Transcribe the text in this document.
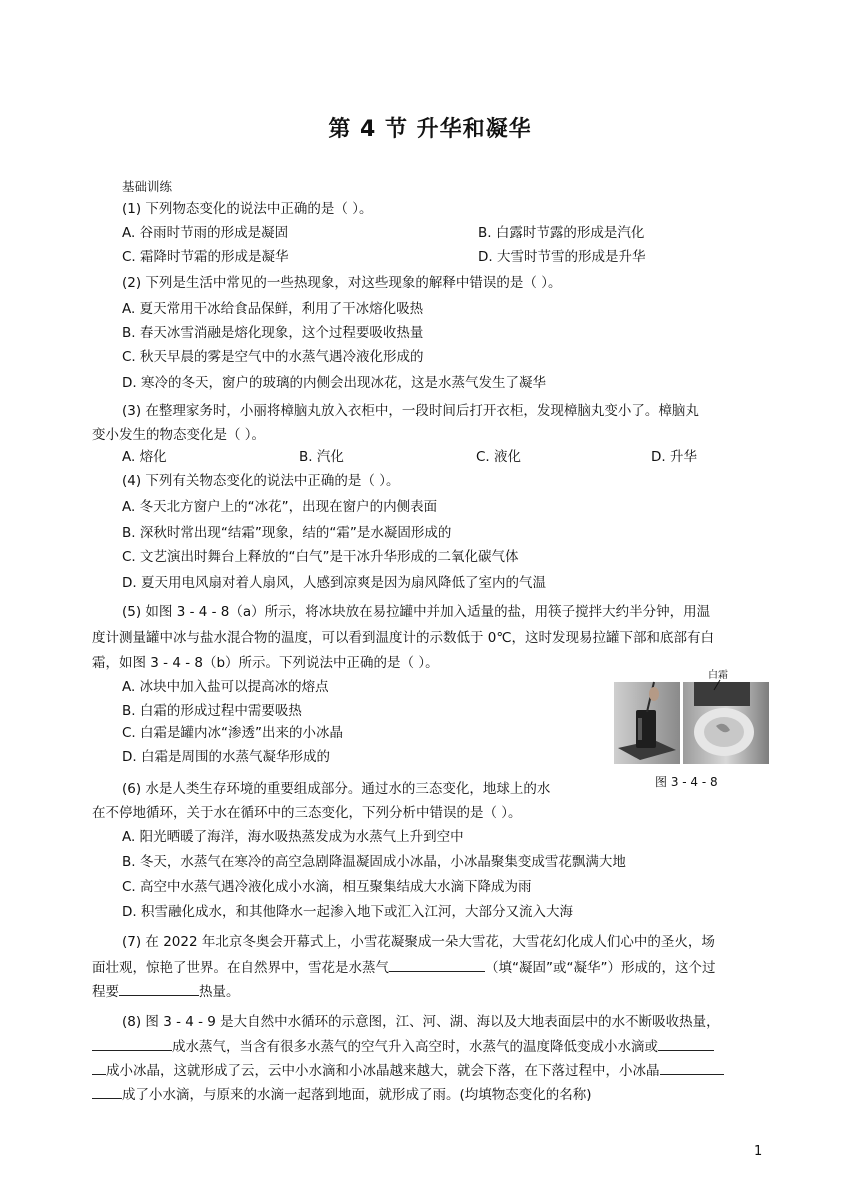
第 4 节 升华和凝华
基础训练
(1) 下列物态变化的说法中正确的是（ ）。
A. 谷雨时节雨的形成是凝固	B. 白露时节露的形成是汽化
C. 霜降时节霜的形成是凝华	D. 大雪时节雪的形成是升华
(2) 下列是生活中常见的一些热现象，对这些现象的解释中错误的是（ ）。
A. 夏天常用干冰给食品保鲜，利用了干冰熔化吸热
B. 春天冰雪消融是熔化现象，这个过程要吸收热量
C. 秋天早晨的雾是空气中的水蒸气遇冷液化形成的
D. 寒冷的冬天，窗户的玻璃的内侧会出现冰花，这是水蒸气发生了凝华
(3) 在整理家务时，小丽将樟脑丸放入衣柜中，一段时间后打开衣柜，发现樟脑丸变小了。樟脑丸
变小发生的物态变化是（ ）。
A. 熔化	B. 汽化	C. 液化	D. 升华
(4) 下列有关物态变化的说法中正确的是（ ）。
A. 冬天北方窗户上的“冰花”，出现在窗户的内侧表面
B. 深秋时常出现“结霜”现象，结的“霜”是水凝固形成的
C. 文艺演出时舞台上释放的“白气”是干冰升华形成的二氧化碳气体
D. 夏天用电风扇对着人扇风，人感到凉爽是因为扇风降低了室内的气温
(5) 如图 3 - 4 - 8（a）所示，将冰块放在易拉罐中并加入适量的盐，用筷子搅拌大约半分钟，用温
度计测量罐中冰与盐水混合物的温度，可以看到温度计的示数低于 0℃，这时发现易拉罐下部和底部有白
霜，如图 3 - 4 - 8（b）所示。下列说法中正确的是（ ）。
A. 冰块中加入盐可以提高冰的熔点
B. 白霜的形成过程中需要吸热
C. 白霜是罐内冰“渗透”出来的小冰晶
D. 白霜是周围的水蒸气凝华形成的
白霜
图 3 - 4 - 8
(6) 水是人类生存环境的重要组成部分。通过水的三态变化，地球上的水
在不停地循环，关于水在循环中的三态变化，下列分析中错误的是（ ）。
A. 阳光晒暖了海洋，海水吸热蒸发成为水蒸气上升到空中
B. 冬天，水蒸气在寒冷的高空急剧降温凝固成小冰晶，小冰晶聚集变成雪花飘满大地
C. 高空中水蒸气遇冷液化成小水滴，相互聚集结成大水滴下降成为雨
D. 积雪融化成水，和其他降水一起渗入地下或汇入江河，大部分又流入大海
(7) 在 2022 年北京冬奥会开幕式上，小雪花凝聚成一朵大雪花，大雪花幻化成人们心中的圣火，场
面壮观，惊艳了世界。在自然界中，雪花是水蒸气	（填“凝固”或“凝华”）形成的，这个过
程要	热量。
(8) 图 3 - 4 - 9 是大自然中水循环的示意图，江、河、湖、海以及大地表面层中的水不断吸收热量，
成水蒸气，当含有很多水蒸气的空气升入高空时，水蒸气的温度降低变成小水滴或
成小冰晶，这就形成了云，云中小水滴和小冰晶越来越大，就会下落，在下落过程中，小冰晶
成了小水滴，与原来的水滴一起落到地面，就形成了雨。(均填物态变化的名称)
1
